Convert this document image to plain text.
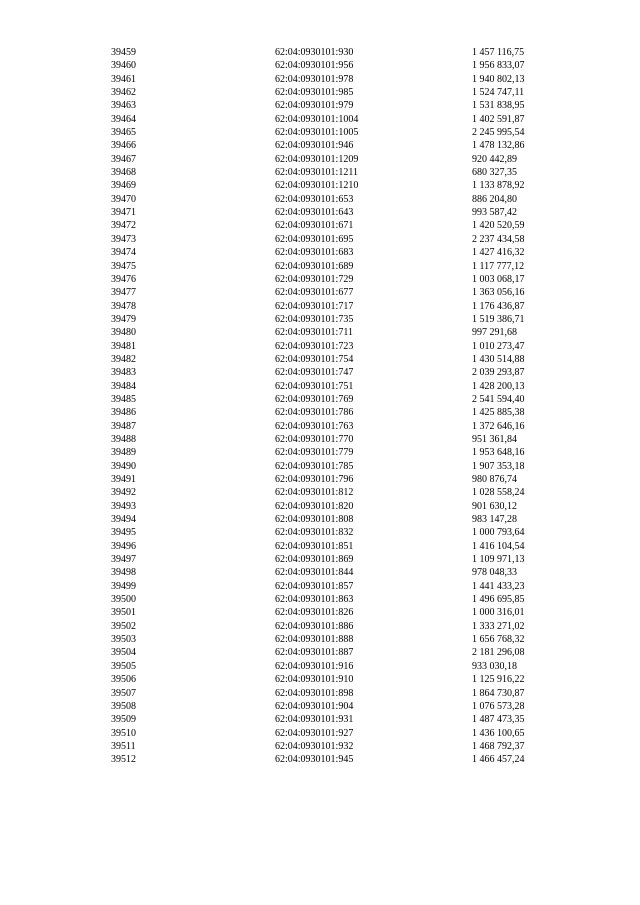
39459	62:04:0930101:930	1 457 116,75
39460	62:04:0930101:956	1 956 833,07
39461	62:04:0930101:978	1 940 802,13
39462	62:04:0930101:985	1 524 747,11
39463	62:04:0930101:979	1 531 838,95
39464	62:04:0930101:1004	1 402 591,87
39465	62:04:0930101:1005	2 245 995,54
39466	62:04:0930101:946	1 478 132,86
39467	62:04:0930101:1209	920 442,89
39468	62:04:0930101:1211	680 327,35
39469	62:04:0930101:1210	1 133 878,92
39470	62:04:0930101:653	886 204,80
39471	62:04:0930101:643	993 587,42
39472	62:04:0930101:671	1 420 520,59
39473	62:04:0930101:695	2 237 434,58
39474	62:04:0930101:683	1 427 416,32
39475	62:04:0930101:689	1 117 777,12
39476	62:04:0930101:729	1 003 068,17
39477	62:04:0930101:677	1 363 056,16
39478	62:04:0930101:717	1 176 436,87
39479	62:04:0930101:735	1 519 386,71
39480	62:04:0930101:711	997 291,68
39481	62:04:0930101:723	1 010 273,47
39482	62:04:0930101:754	1 430 514,88
39483	62:04:0930101:747	2 039 293,87
39484	62:04:0930101:751	1 428 200,13
39485	62:04:0930101:769	2 541 594,40
39486	62:04:0930101:786	1 425 885,38
39487	62:04:0930101:763	1 372 646,16
39488	62:04:0930101:770	951 361,84
39489	62:04:0930101:779	1 953 648,16
39490	62:04:0930101:785	1 907 353,18
39491	62:04:0930101:796	980 876,74
39492	62:04:0930101:812	1 028 558,24
39493	62:04:0930101:820	901 630,12
39494	62:04:0930101:808	983 147,28
39495	62:04:0930101:832	1 000 793,64
39496	62:04:0930101:851	1 416 104,54
39497	62:04:0930101:869	1 109 971,13
39498	62:04:0930101:844	978 048,33
39499	62:04:0930101:857	1 441 433,23
39500	62:04:0930101:863	1 496 695,85
39501	62:04:0930101:826	1 000 316,01
39502	62:04:0930101:886	1 333 271,02
39503	62:04:0930101:888	1 656 768,32
39504	62:04:0930101:887	2 181 296,08
39505	62:04:0930101:916	933 030,18
39506	62:04:0930101:910	1 125 916,22
39507	62:04:0930101:898	1 864 730,87
39508	62:04:0930101:904	1 076 573,28
39509	62:04:0930101:931	1 487 473,35
39510	62:04:0930101:927	1 436 100,65
39511	62:04:0930101:932	1 468 792,37
39512	62:04:0930101:945	1 466 457,24
